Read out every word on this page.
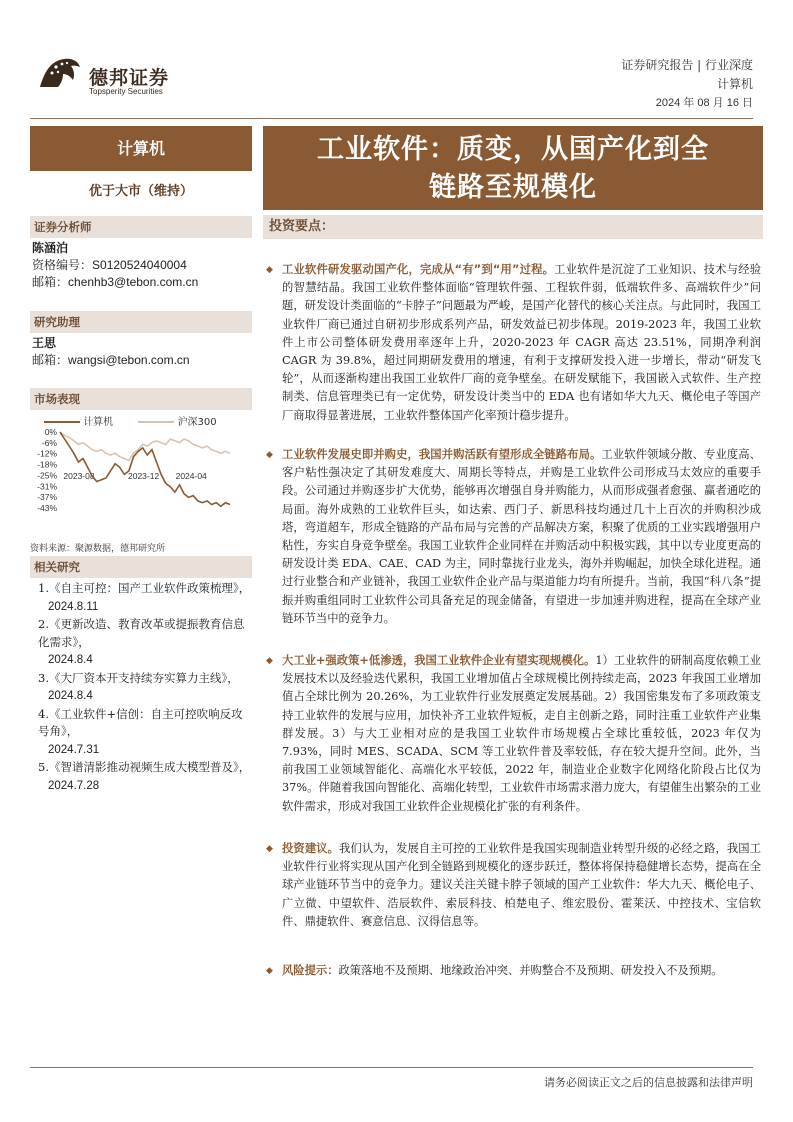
德邦证券
Topsperity Securities
证券研究报告 | 行业深度
计算机
2024 年 08 月 16 日
计算机
优于大市（维持）
证券分析师
陈涵泊
资格编号：S0120524040004
邮箱：chenhb3@tebon.com.cn
研究助理
王思
邮箱：wangsi@tebon.com.cn
市场表现
计算机	沪深300
0%
-6%
-12%
-18%
-25%
-31%
-37%
-43%
2023-08	2023-12 2024-04
资料来源：聚源数据，德邦研究所
相关研究
1.《自主可控：国产工业软件政策梳理》，
2024.8.11
2.《更新改造、教育改革或提振教育信息化需求》，
2024.8.4
3.《大厂资本开支持续夯实算力主线》，
2024.8.4
4.《工业软件+信创：自主可控吹响反攻号角》，
2024.7.31
5.《智谱清影推动视频生成大模型普及》，
2024.7.28
工业软件：质变，从国产化到全
链路至规模化
投资要点：
◆ 工业软件研发驱动国产化，完成从“有”到“用”过程。工业软件是沉淀了工业知识、技术与经验的智慧结晶。我国工业软件整体面临“管理软件强、工程软件弱，低端软件多、高端软件少”问题，研发设计类面临的“卡脖子”问题最为严峻，是国产化替代的核心关注点。与此同时，我国工业软件厂商已通过自研初步形成系列产品，研发效益已初步体现。2019-2023 年，我国工业软件上市公司整体研发费用率逐年上升，2020-2023 年 CAGR 高达 23.51%，同期净利润 CAGR 为 39.8%，超过同期研发费用的增速，有利于支撑研发投入进一步增长，带动“研发飞轮”，从而逐渐构建出我国工业软件厂商的竞争壁垒。在研发赋能下，我国嵌入式软件、生产控制类、信息管理类已有一定优势，研发设计类当中的 EDA 也有诸如华大九天、概伦电子等国产厂商取得显著进展，工业软件整体国产化率预计稳步提升。
◆ 工业软件发展史即并购史，我国并购活跃有望形成全链路布局。工业软件领域分散、专业度高、客户粘性强决定了其研发难度大、周期长等特点，并购是工业软件公司形成马太效应的重要手段。公司通过并购逐步扩大优势，能够再次增强自身并购能力，从而形成强者愈强、赢者通吃的局面。海外成熟的工业软件巨头，如达索、西门子、新思科技均通过几十上百次的并购积沙成塔，弯道超车，形成全链路的产品布局与完善的产品解决方案，积聚了优质的工业实践增强用户粘性，夯实自身竞争壁垒。我国工业软件企业同样在并购活动中积极实践，其中以专业度更高的研发设计类 EDA、CAE、CAD 为主，同时靠拢行业龙头，海外并购崛起，加快全球化进程。通过行业整合和产业链补，我国工业软件企业产品与渠道能力均有所提升。当前，我国“科八条”提振并购重组同时工业软件公司具备充足的现金储备，有望进一步加速并购进程，提高在全球产业链环节当中的竞争力。
◆ 大工业+强政策+低渗透，我国工业软件企业有望实现规模化。1）工业软件的研制高度依赖工业发展技术以及经验迭代累积，我国工业增加值占全球规模比例持续走高，2023 年我国工业增加值占全球比例为 20.26%，为工业软件行业发展奠定发展基础。2）我国密集发布了多项政策支持工业软件的发展与应用，加快补齐工业软件短板，走自主创新之路，同时注重工业软件产业集群发展。3）与大工业相对应的是我国工业软件市场规模占全球比重较低，2023 年仅为 7.93%，同时 MES、SCADA、SCM 等工业软件普及率较低，存在较大提升空间。此外，当前我国工业领域智能化、高端化水平较低，2022 年，制造业企业数字化网络化阶段占比仅为 37%。伴随着我国向智能化、高端化转型，工业软件市场需求潜力庞大，有望催生出繁杂的工业软件需求，形成对我国工业软件企业规模化扩张的有利条件。
◆ 投资建议。我们认为，发展自主可控的工业软件是我国实现制造业转型升级的必经之路，我国工业软件行业将实现从国产化到全链路到规模化的逐步跃迁，整体将保持稳健增长态势，提高在全球产业链环节当中的竞争力。建议关注关键卡脖子领域的国产工业软件：华大九天、概伦电子、广立微、中望软件、浩辰软件、索辰科技、柏楚电子、维宏股份、霍莱沃、中控技术、宝信软件、鼎捷软件、赛意信息、汉得信息等。
◆ 风险提示：政策落地不及预期、地缘政治冲突、并购整合不及预期、研发投入不及预期。
请务必阅读正文之后的信息披露和法律声明
